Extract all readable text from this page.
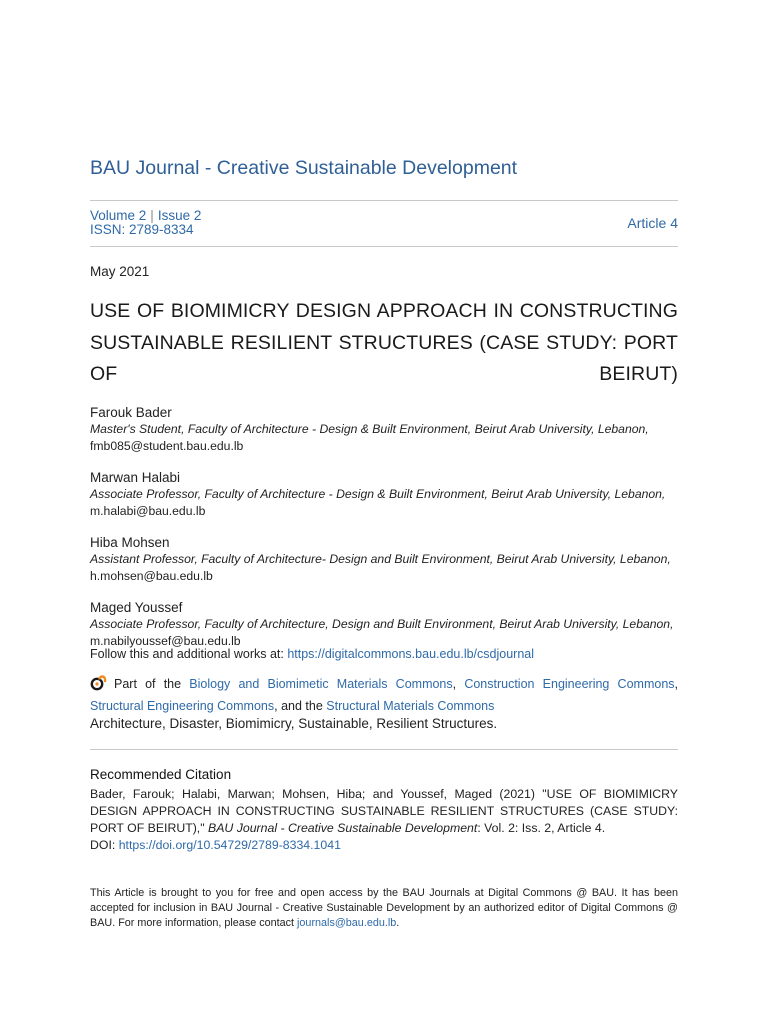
BAU Journal - Creative Sustainable Development
Volume 2 | Issue 2
ISSN: 2789-8334	Article 4
May 2021
USE OF BIOMIMICRY DESIGN APPROACH IN CONSTRUCTING SUSTAINABLE RESILIENT STRUCTURES (CASE STUDY: PORT OF BEIRUT)
Farouk Bader
Master's Student, Faculty of Architecture - Design & Built Environment, Beirut Arab University, Lebanon,
fmb085@student.bau.edu.lb
Marwan Halabi
Associate Professor, Faculty of Architecture - Design & Built Environment, Beirut Arab University, Lebanon,
m.halabi@bau.edu.lb
Hiba Mohsen
Assistant Professor, Faculty of Architecture- Design and Built Environment, Beirut Arab University, Lebanon, h.mohsen@bau.edu.lb
Maged Youssef
Associate Professor, Faculty of Architecture, Design and Built Environment, Beirut Arab University, Lebanon, m.nabilyoussef@bau.edu.lb
Follow this and additional works at: https://digitalcommons.bau.edu.lb/csdjournal
Part of the Biology and Biomimetic Materials Commons, Construction Engineering Commons, Structural Engineering Commons, and the Structural Materials Commons
Architecture, Disaster, Biomimicry, Sustainable, Resilient Structures.
Recommended Citation
Bader, Farouk; Halabi, Marwan; Mohsen, Hiba; and Youssef, Maged (2021) "USE OF BIOMIMICRY DESIGN APPROACH IN CONSTRUCTING SUSTAINABLE RESILIENT STRUCTURES (CASE STUDY: PORT OF BEIRUT)," BAU Journal - Creative Sustainable Development: Vol. 2: Iss. 2, Article 4.
DOI: https://doi.org/10.54729/2789-8334.1041
This Article is brought to you for free and open access by the BAU Journals at Digital Commons @ BAU. It has been accepted for inclusion in BAU Journal - Creative Sustainable Development by an authorized editor of Digital Commons @ BAU. For more information, please contact journals@bau.edu.lb.
